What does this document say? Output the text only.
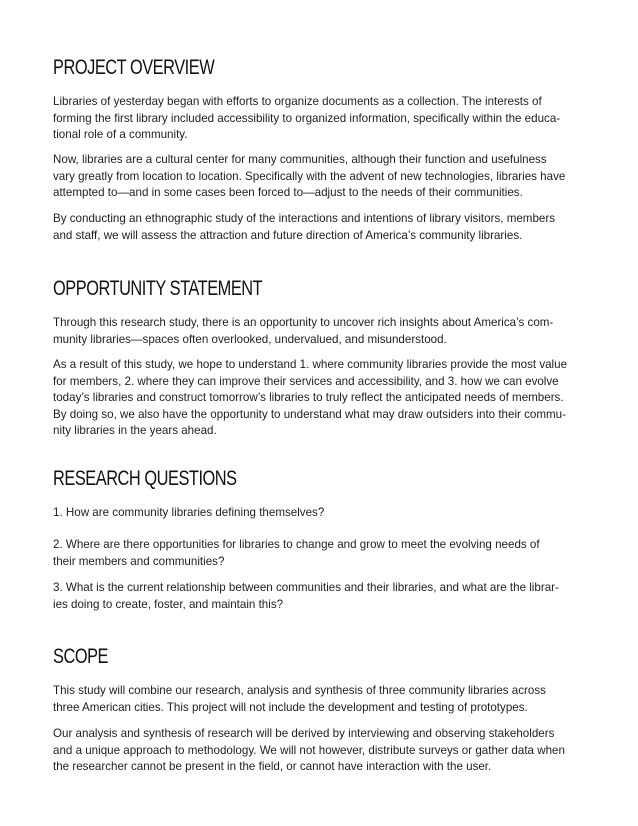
PROJECT OVERVIEW

Libraries of yesterday began with efforts to organize documents as a collection. The interests of
forming the first library included accessibility to organized information, specifically within the educa-
tional role of a community.

Now, libraries are a cultural center for many communities, although their function and usefulness
vary greatly from location to location. Specifically with the advent of new technologies, libraries have
attempted to—and in some cases been forced to—adjust to the needs of their communities.

By conducting an ethnographic study of the interactions and intentions of library visitors, members
and staff, we will assess the attraction and future direction of America’s community libraries.

OPPORTUNITY STATEMENT

Through this research study, there is an opportunity to uncover rich insights about America’s com-
munity libraries—spaces often overlooked, undervalued, and misunderstood.

As a result of this study, we hope to understand 1. where community libraries provide the most value
for members, 2. where they can improve their services and accessibility, and 3. how we can evolve
today’s libraries and construct tomorrow’s libraries to truly reflect the anticipated needs of members.
By doing so, we also have the opportunity to understand what may draw outsiders into their commu-
nity libraries in the years ahead.

RESEARCH QUESTIONS

1. How are community libraries defining themselves?

2. Where are there opportunities for libraries to change and grow to meet the evolving needs of
their members and communities?

3. What is the current relationship between communities and their libraries, and what are the librar-
ies doing to create, foster, and maintain this?

SCOPE

This study will combine our research, analysis and synthesis of three community libraries across
three American cities. This project will not include the development and testing of prototypes.

Our analysis and synthesis of research will be derived by interviewing and observing stakeholders
and a unique approach to methodology. We will not however, distribute surveys or gather data when
the researcher cannot be present in the field, or cannot have interaction with the user.
